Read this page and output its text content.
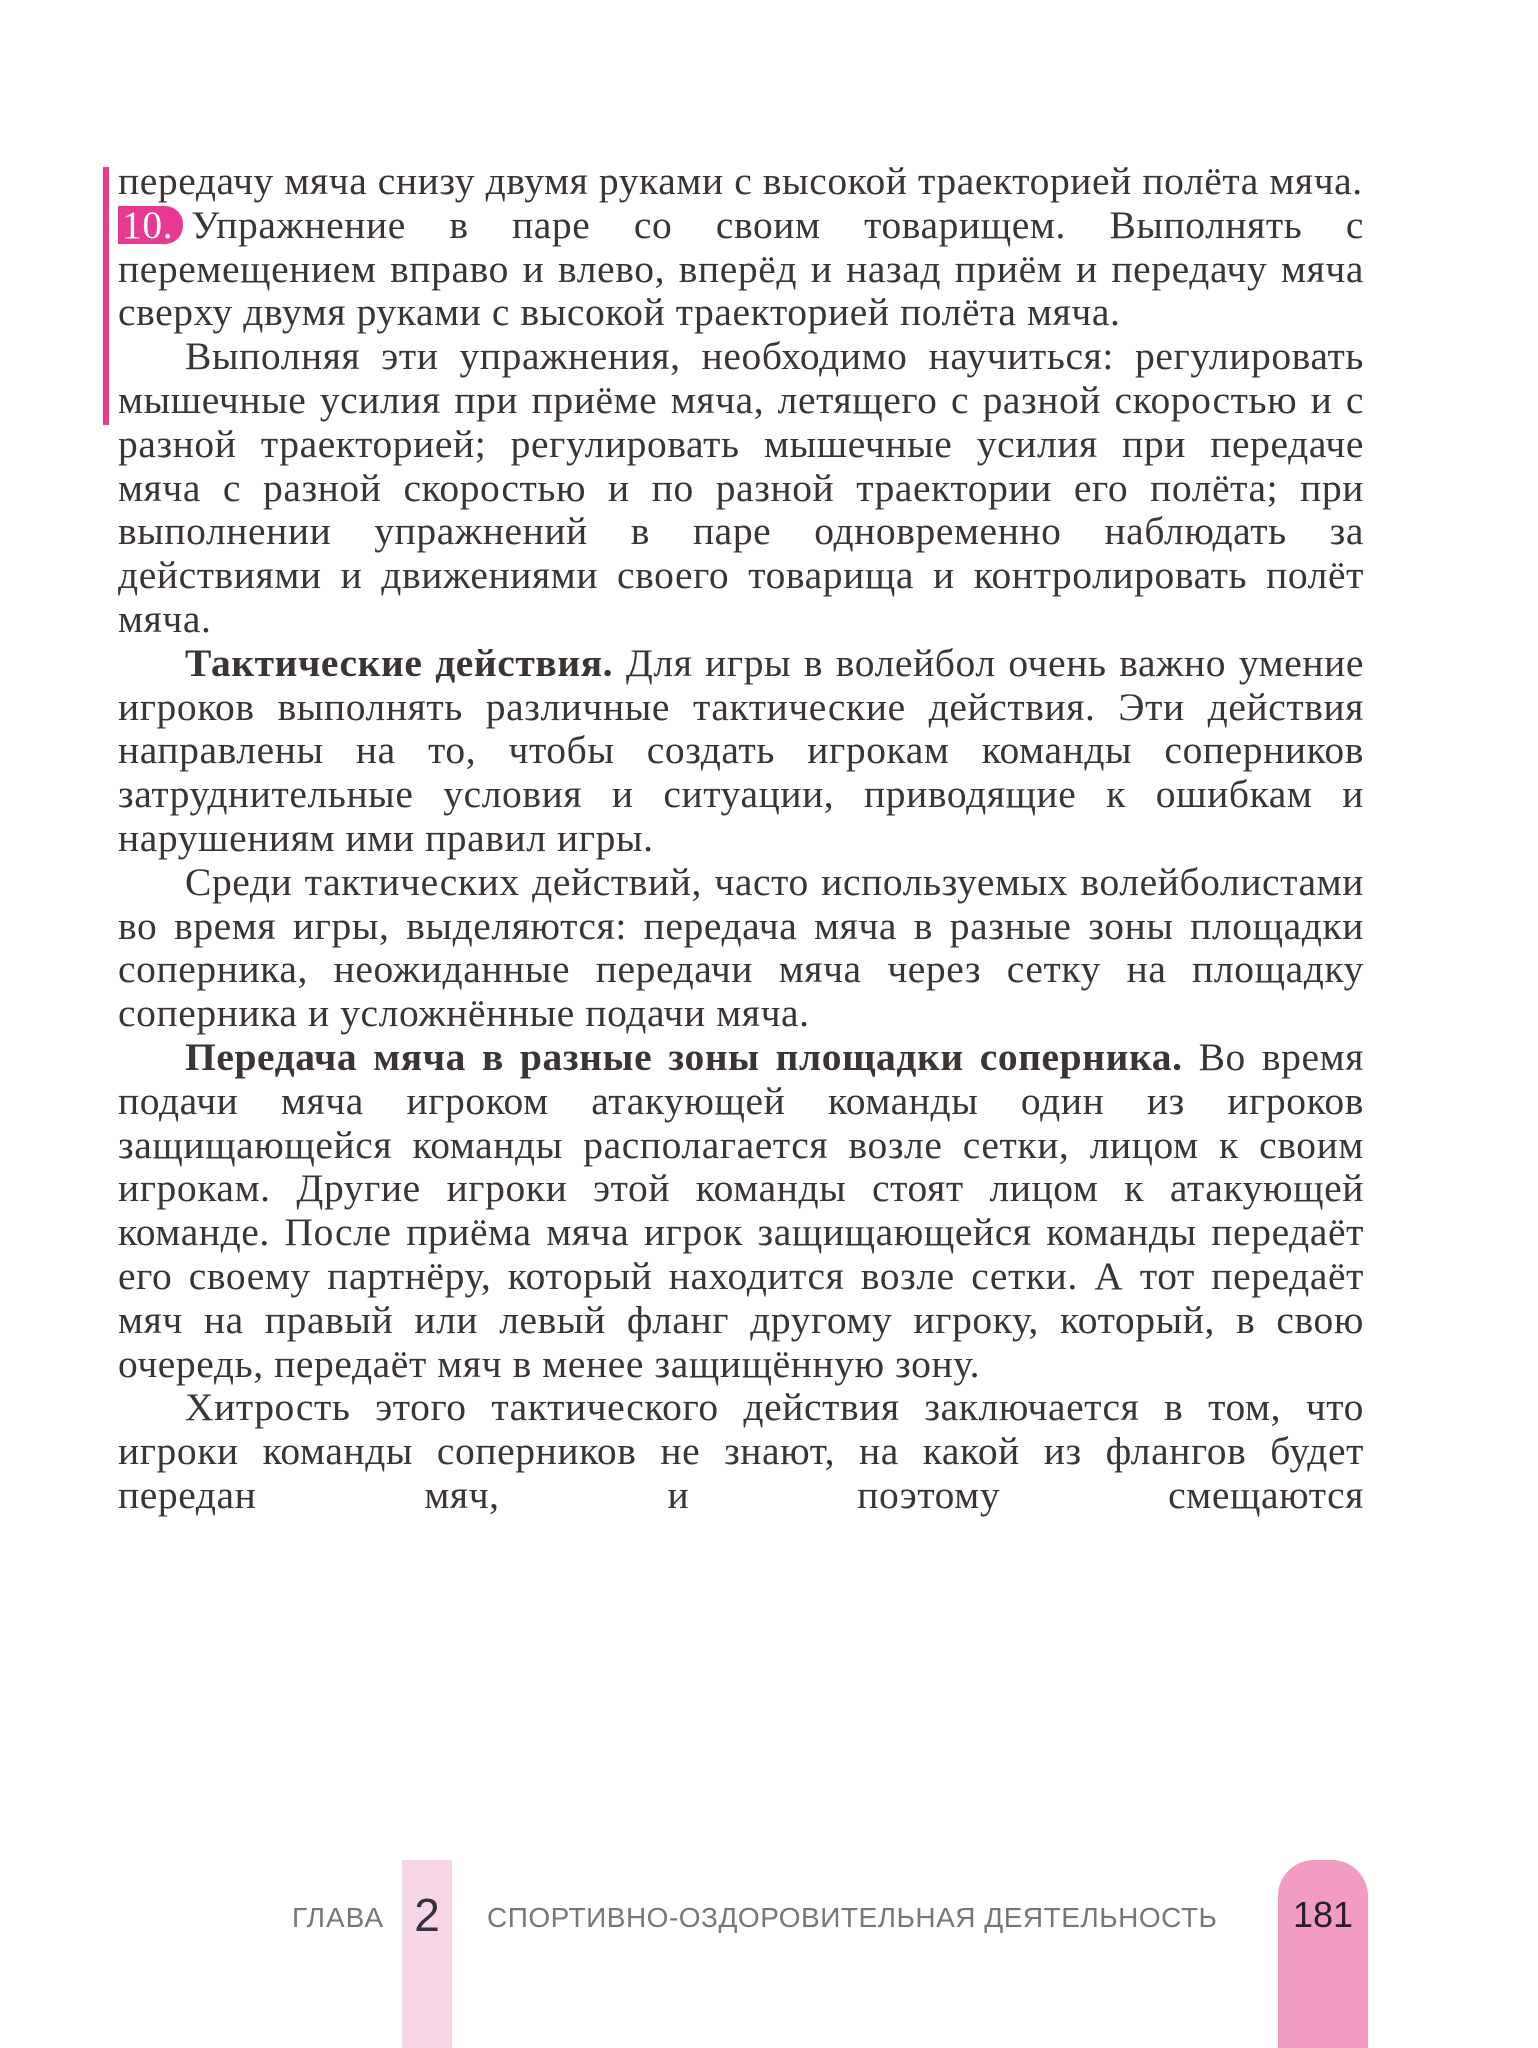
передачу мяча снизу двумя руками с высокой траекторией полёта мяча.

10. Упражнение в паре со своим товарищем. Выполнять с перемещением вправо и влево, вперёд и назад приём и передачу мяча сверху двумя руками с высокой траекторией полёта мяча.

Выполняя эти упражнения, необходимо научиться: регулировать мышечные усилия при приёме мяча, летящего с разной скоростью и с разной траекторией; регулировать мышечные усилия при передаче мяча с разной скоростью и по разной траектории его полёта; при выполнении упражнений в паре одновременно наблюдать за действиями и движениями своего товарища и контролировать полёт мяча.

Тактические действия. Для игры в волейбол очень важно умение игроков выполнять различные тактические действия. Эти действия направлены на то, чтобы создать игрокам команды соперников затруднительные условия и ситуации, приводящие к ошибкам и нарушениям ими правил игры.

Среди тактических действий, часто используемых волейболистами во время игры, выделяются: передача мяча в разные зоны площадки соперника, неожиданные передачи мяча через сетку на площадку соперника и усложнённые подачи мяча.

Передача мяча в разные зоны площадки соперника. Во время подачи мяча игроком атакующей команды один из игроков защищающейся команды располагается возле сетки, лицом к своим игрокам. Другие игроки этой команды стоят лицом к атакующей команде. После приёма мяча игрок защищающейся команды передаёт его своему партнёру, который находится возле сетки. А тот передаёт мяч на правый или левый фланг другому игроку, который, в свою очередь, передаёт мяч в менее защищённую зону.

Хитрость этого тактического действия заключается в том, что игроки команды соперников не знают, на какой из флангов будет передан мяч, и поэтому смещаются

ГЛАВА 2	СПОРТИВНО-ОЗДОРОВИТЕЛЬНАЯ ДЕЯТЕЛЬНОСТЬ	181
